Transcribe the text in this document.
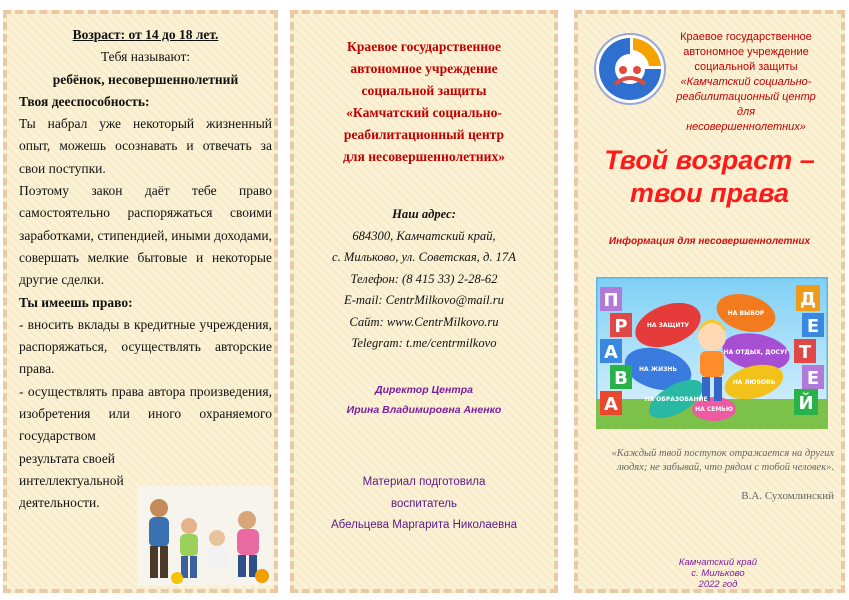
Возраст: от 14 до 18 лет.

Тебя называют:

ребёнок, несовершеннолетний

Твоя дееспособность:

Ты набрал уже некоторый жизненный опыт, можешь осознавать и отвечать за свои поступки.

Поэтому закон даёт тебе право самостоятельно распоряжаться своими заработками, стипендией, иными доходами, совершать мелкие бытовые и некоторые другие сделки.

Ты имеешь право:

- вносить вклады в кредитные учреждения, распоряжаться, осуществлять авторские права.

- осуществлять права автора произведения, изобретения или иного охраняемого государством

результата своей

интеллектуальной

деятельности.

Краевое государственное
автономное учреждение
социальной защиты
«Камчатский социально-
реабилитационный центр
для несовершеннолетних»
Наш адрес:
684300, Камчатский край,
с. Мильково, ул. Советская, д. 17А
Телефон: (8 415 33) 2-28-62
E-mail: CentrMilkovo@mail.ru
Сайт: www.CentrMilkovo.ru
Telegram: t.me/centrmilkovo
Директор Центра
Ирина Владимировна Аненко
Материал подготовила
воспитатель
Абельцева Маргарита Николаевна
Краевое государственное
автономное учреждение
социальной защиты
«Камчатский социально-
реабилитационный центр
для несовершеннолетних»
Твой возраст –
твои права
Информация для несовершеннолетних
П
Р
А
В
А
Д
Е
Т
Е
Й
НА ЗАЩИТУ
НА ВЫБОР
НА ОТДЫХ, ДОСУГ
НА ЖИЗНЬ
НА ЛЮБОВЬ
НА ОБРАЗОВАНИЕ
НА СЕМЬЮ
«Каждый твой поступок отражается на других людях; не забывай, что рядом с тобой человек».
В.А. Сухомлинский
Камчатский край
с. Мильково
2022 год
